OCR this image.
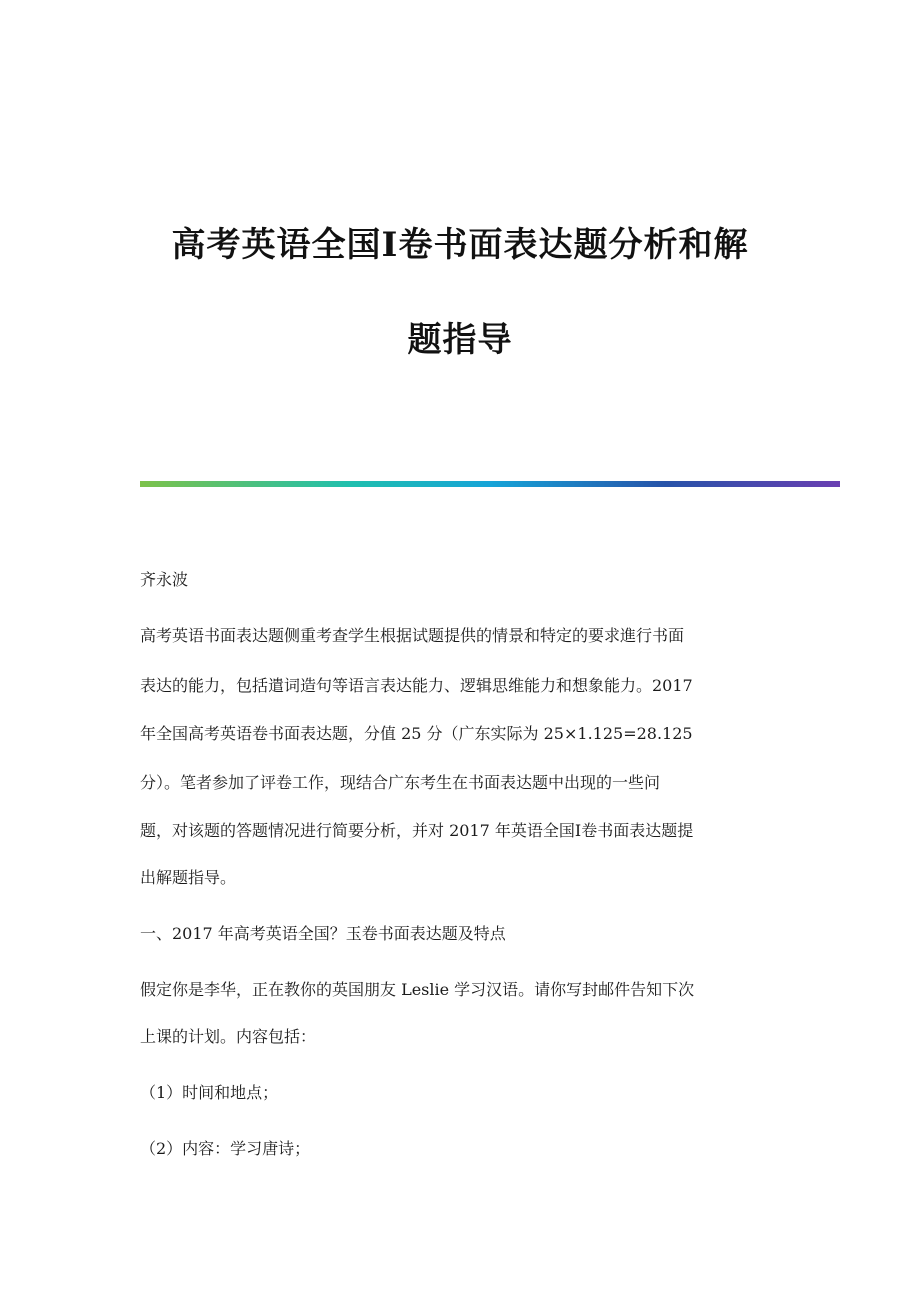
高考英语全国Ⅰ卷书面表达题分析和解
题指导
齐永波
高考英语书面表达题侧重考查学生根据试题提供的情景和特定的要求進行书面
表达的能力，包括遣词造句等语言表达能力、逻辑思维能力和想象能力。2017
年全国高考英语卷书面表达题，分值 25 分（广东实际为 25×1.125=28.125
分）。笔者参加了评卷工作，现结合广东考生在书面表达题中出现的一些问
题，对该题的答题情况进行简要分析，并对 2017 年英语全国Ⅰ卷书面表达题提
出解题指导。
一、2017 年高考英语全国？玉卷书面表达题及特点
假定你是李华，正在教你的英国朋友 Leslie 学习汉语。请你写封邮件告知下次
上课的计划。内容包括：
（1）时间和地点；
（2）内容：学习唐诗；
